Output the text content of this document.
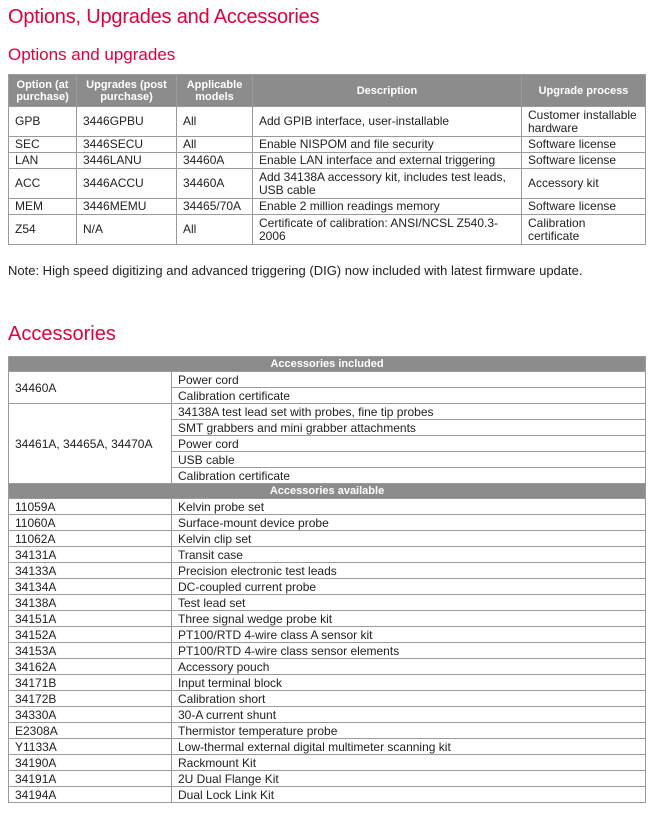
Options, Upgrades and Accessories
Options and upgrades
Option (at purchase)	Upgrades (post purchase)	Applicable models	Description	Upgrade process
GPB	3446GPBU	All	Add GPIB interface, user-installable	Customer installable hardware
SEC	3446SECU	All	Enable NISPOM and file security	Software license
LAN	3446LANU	34460A	Enable LAN interface and external triggering	Software license
ACC	3446ACCU	34460A	Add 34138A accessory kit, includes test leads, USB cable	Accessory kit
MEM	3446MEMU	34465/70A	Enable 2 million readings memory	Software license
Z54	N/A	All	Certificate of calibration: ANSI/NCSL Z540.3-2006	Calibration certificate
Note: High speed digitizing and advanced triggering (DIG) now included with latest firmware update.
Accessories
Accessories included	
34460A	Power cord
	Calibration certificate
34461A, 34465A, 34470A	34138A test lead set with probes, fine tip probes
	SMT grabbers and mini grabber attachments
	Power cord
	USB cable
	Calibration certificate
Accessories available	
11059A	Kelvin probe set
11060A	Surface-mount device probe
11062A	Kelvin clip set
34131A	Transit case
34133A	Precision electronic test leads
34134A	DC-coupled current probe
34138A	Test lead set
34151A	Three signal wedge probe kit
34152A	PT100/RTD 4-wire class A sensor kit
34153A	PT100/RTD 4-wire class sensor elements
34162A	Accessory pouch
34171B	Input terminal block
34172B	Calibration short
34330A	30-A current shunt
E2308A	Thermistor temperature probe
Y1133A	Low-thermal external digital multimeter scanning kit
34190A	Rackmount Kit
34191A	2U Dual Flange Kit
34194A	Dual Lock Link Kit
